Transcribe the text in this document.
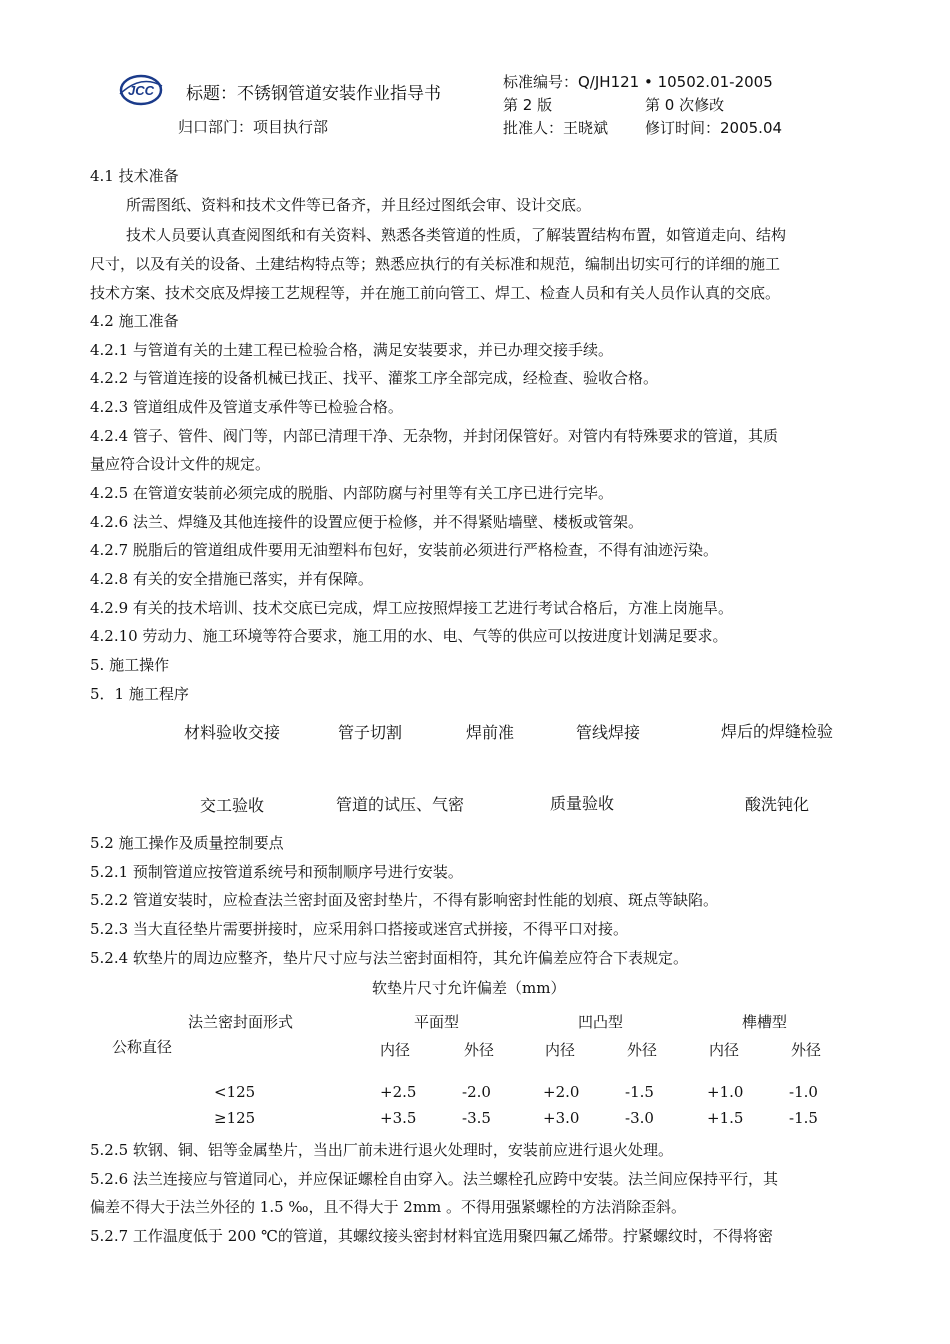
JCC 标题：不锈钢管道安装作业指导书
归口部门：项目执行部
标准编号：Q/JH121 • 10502.01-2005
第 2 版	第 0 次修改
批准人：王晓斌 修订时间：2005.04
4.1 技术准备
所需图纸、资料和技术文件等已备齐，并且经过图纸会审、设计交底。
技术人员要认真查阅图纸和有关资料、熟悉各类管道的性质，了解装置结构布置，如管道走向、结构
尺寸，以及有关的设备、土建结构特点等；熟悉应执行的有关标准和规范，编制出切实可行的详细的施工
技术方案、技术交底及焊接工艺规程等，并在施工前向管工、焊工、检查人员和有关人员作认真的交底。
4.2 施工准备
4.2.1 与管道有关的土建工程已检验合格，满足安装要求，并已办理交接手续。
4.2.2 与管道连接的设备机械已找正、找平、灌浆工序全部完成，经检查、验收合格。
4.2.3 管道组成件及管道支承件等已检验合格。
4.2.4 管子、管件、阀门等，内部已清理干净、无杂物，并封闭保管好。对管内有特殊要求的管道，其质
量应符合设计文件的规定。
4.2.5 在管道安装前必须完成的脱脂、内部防腐与衬里等有关工序已进行完毕。
4.2.6 法兰、焊缝及其他连接件的设置应便于检修，并不得紧贴墙壁、楼板或管架。
4.2.7 脱脂后的管道组成件要用无油塑料布包好，安装前必须进行严格检查，不得有油迹污染。
4.2.8 有关的安全措施已落实，并有保障。
4.2.9 有关的技术培训、技术交底已完成，焊工应按照焊接工艺进行考试合格后，方准上岗施旱。
4.2.10 劳动力、施工环境等符合要求，施工用的水、电、气等的供应可以按进度计划满足要求。
5. 施工操作
5．1 施工程序
材料验收交接	管子切割	焊前准	管线焊接	焊后的焊缝检验
交工验收	管道的试压、气密	质量验收	酸洗钝化
5.2 施工操作及质量控制要点
5.2.1 预制管道应按管道系统号和预制顺序号进行安装。
5.2.2 管道安装时，应检查法兰密封面及密封垫片，不得有影响密封性能的划痕、斑点等缺陷。
5.2.3 当大直径垫片需要拼接时，应采用斜口搭接或迷宫式拼接，不得平口对接。
5.2.4 软垫片的周边应整齐，垫片尺寸应与法兰密封面相符，其允许偏差应符合下表规定。
软垫片尺寸允许偏差（mm）
法兰密封面形式	平面型	凹凸型	榫槽型
公称直径	内径	外径	内径	外径	内径	外径
<125	+2.5	-2.0	+2.0	-1.5	+1.0	-1.0
≥125	+3.5	-3.5	+3.0	-3.0	+1.5	-1.5
5.2.5 软钢、铜、铝等金属垫片，当出厂前未进行退火处理时，安装前应进行退火处理。
5.2.6 法兰连接应与管道同心，并应保证螺栓自由穿入。法兰螺栓孔应跨中安装。法兰间应保持平行，其
偏差不得大于法兰外径的 1.5 ‰，且不得大于 2mm 。不得用强紧螺栓的方法消除歪斜。
5.2.7 工作温度低于 200 ℃的管道，其螺纹接头密封材料宜选用聚四氟乙烯带。拧紧螺纹时，不得将密
